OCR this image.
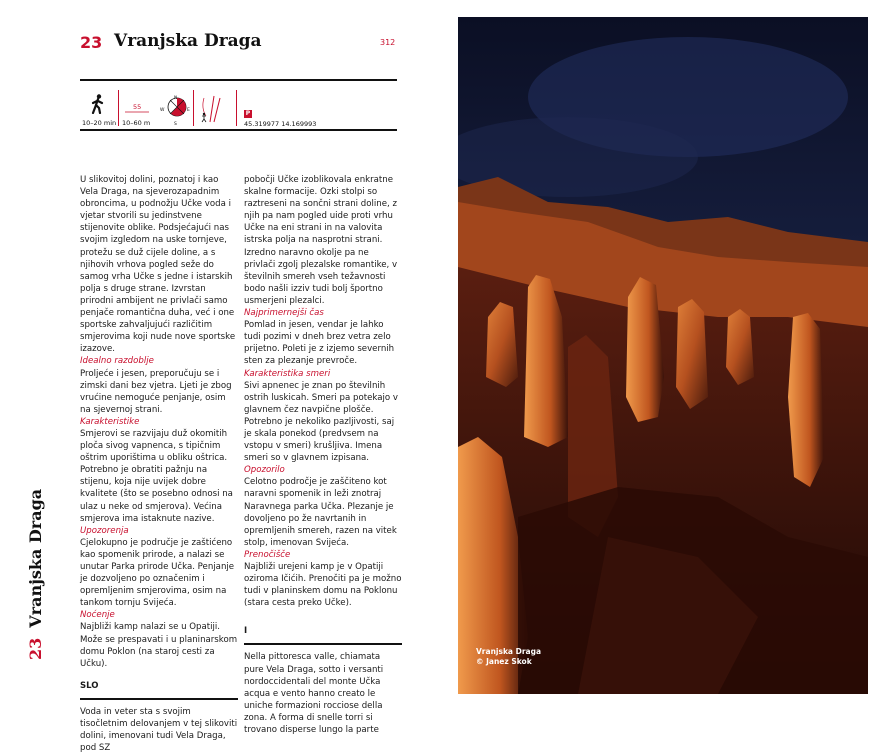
23 Vranjska Draga	312
10–20 min
55
10–60 m
N
E
S
W	P
45.319977 14.169993

U slikovitoj dolini, poznatoj i kao Vela Draga, na sjeverozapadnim obroncima, u podnožju Učke voda i vjetar stvorili su jedinstvene stijenovite oblike. Podsjećajući nas svojim izgledom na uske tornjeve, protežu se duž cijele doline, a s njihovih vrhova pogled seže do samog vrha Učke s jedne i istarskih polja s druge strane. Izvrstan prirodni ambijent ne privlači samo penjače romantična duha, već i one sportske zahvaljujući različitim smjerovima koji nude nove sportske izazove.

Idealno razdoblje

Proljeće i jesen, preporučuju se i zimski dani bez vjetra. Ljeti je zbog vrućine nemoguće penjanje, osim na sjevernoj strani.

Karakteristike

Smjerovi se razvijaju duž okomitih ploča sivog vapnenca, s tipičnim oštrim uporištima u obliku oštrica. Potrebno je obratiti pažnju na stijenu, koja nije uvijek dobre kvalitete (što se posebno odnosi na ulaz u neke od smjerova). Većina smjerova ima istaknute nazive.

Upozorenja

Cjelokupno je područje je zaštićeno kao spomenik prirode, a nalazi se unutar Parka prirode Učka. Penjanje je dozvoljeno po označenim i opremljenim smjerovima, osim na tankom tornju Svijeća.

Noćenje

Najbliži kamp nalazi se u Opatiji. Može se prespavati i u planinarskom domu Poklon (na staroj cesti za Učku).

SLO

Voda in veter sta s svojim tisočletnim delovanjem v tej slikoviti dolini, imenovani tudi Vela Draga, pod SZ

pobočji Učke izoblikovala enkratne skalne formacije. Ozki stolpi so raztreseni na sončni strani doline, z njih pa nam pogled uide proti vrhu Učke na eni strani in na valovita istrska polja na nasprotni strani. Izredno naravno okolje pa ne privlači zgolj plezalske romantike, v številnih smereh vseh težavnosti bodo našli izziv tudi bolj športno usmerjeni plezalci.

Najprimernejši čas

Pomlad in jesen, vendar je lahko tudi pozimi v dneh brez vetra zelo prijetno. Poleti je z izjemo severnih sten za plezanje prevroče.

Karakteristika smeri

Sivi apnenec je znan po številnih ostrih luskicah. Smeri pa potekajo v glavnem čez navpične plošče. Potrebno je nekoliko pazljivosti, saj je skala ponekod (predvsem na vstopu v smeri) krušljiva. Imena smeri so v glavnem izpisana.

Opozorilo

Celotno področje je zaščiteno kot naravni spomenik in leži znotraj Naravnega parka Učka. Plezanje je dovoljeno po že navrtanih in opremljenih smereh, razen na vitek stolp, imenovan Svijeća.

Prenočišče

Najbliži urejeni kamp je v Opatiji oziroma Ičićih. Prenočiti pa je možno tudi v planinskem domu na Poklonu (stara cesta preko Učke).

I

Nella pittoresca valle, chiamata pure Vela Draga, sotto i versanti nordoccidentali del monte Učka acqua e vento hanno creato le uniche formazioni rocciose della zona. A forma di snelle torri si trovano disperse lungo la parte

23Vranjska Draga
Vranjska Draga
© Janez Skok
